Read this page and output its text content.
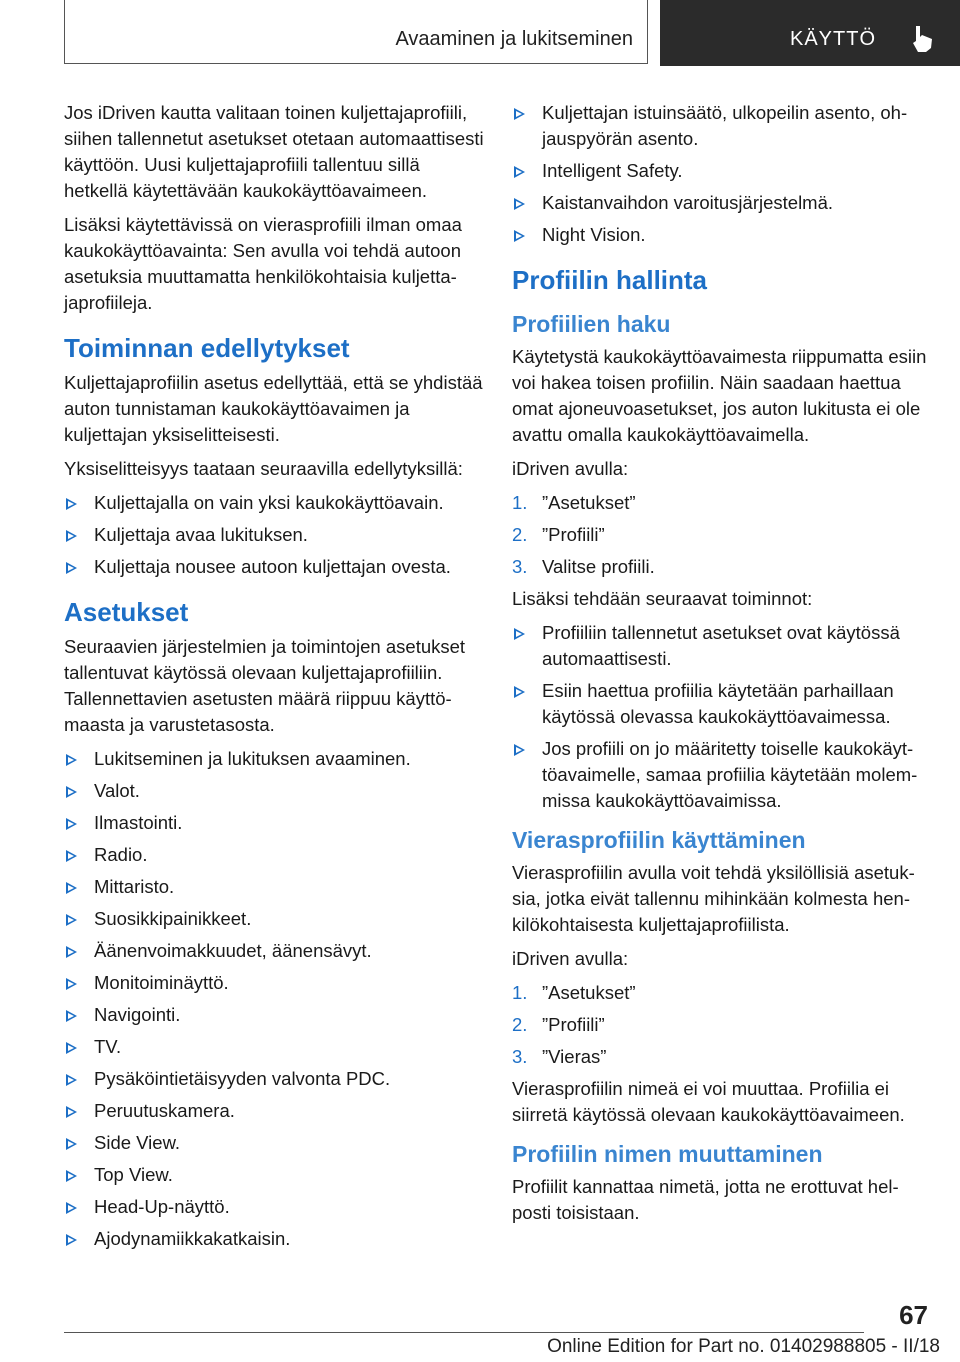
Avaaminen ja lukitseminen	KÄYTTÖ

Jos iDriven kautta valitaan toinen kuljettajaprofiili, siihen tallennetut asetukset otetaan automaattisesti käyttöön. Uusi kuljettajaprofiili tallentuu sillä hetkellä käytettävään kaukokäyttöavaimeen.

Lisäksi käytettävissä on vierasprofiili ilman omaa kaukokäyttöavainta: Sen avulla voi tehdä autoon asetuksia muuttamatta henkilökohtaisia kuljettajaprofiileja.

Toiminnan edellytykset

Kuljettajaprofiilin asetus edellyttää, että se yhdistää auton tunnistaman kaukokäyttöavaimen ja kuljettajan yksiselitteisesti.

Yksiselitteisyys taataan seuraavilla edellytyksillä:

Kuljettajalla on vain yksi kaukokäyttöavain.
Kuljettaja avaa lukituksen.
Kuljettaja nousee autoon kuljettajan ovesta.
Asetukset

Seuraavien järjestelmien ja toimintojen asetukset tallentuvat käytössä olevaan kuljettajaprofiiliin. Tallennettavien asetusten määrä riippuu käyttömaasta ja varustetasosta.

Lukitseminen ja lukituksen avaaminen.
Valot.
Ilmastointi.
Radio.
Mittaristo.
Suosikkipainikkeet.
Äänenvoimakkuudet, äänensävyt.
Monitoiminäyttö.
Navigointi.
TV.
Pysäköintietäisyyden valvonta PDC.
Peruutuskamera.
Side View.
Top View.
Head-Up-näyttö.
Ajodynamiikkakatkaisin.
Kuljettajan istuinsäätö, ulkopeilin asento, ohjauspyörän asento.
Intelligent Safety.
Kaistanvaihdon varoitusjärjestelmä.
Night Vision.
Profiilin hallinta
Profiilien haku

Käytetystä kaukokäyttöavaimesta riippumatta esiin voi hakea toisen profiilin. Näin saadaan haettua omat ajoneuvoasetukset, jos auton lukitusta ei ole avattu omalla kaukokäyttöavaimella.

iDriven avulla:

1. ”Asetukset”
2. ”Profiili”
3. Valitse profiili.

Lisäksi tehdään seuraavat toiminnot:

Profiiliin tallennetut asetukset ovat käytössä automaattisesti.
Esiin haettua profiilia käytetään parhaillaan käytössä olevassa kaukokäyttöavaimessa.
Jos profiili on jo määritetty toiselle kaukokäyttöavaimelle, samaa profiilia käytetään molemmissa kaukokäyttöavaimissa.
Vierasprofiilin käyttäminen

Vierasprofiilin avulla voit tehdä yksilöllisiä asetuksia, jotka eivät tallennu mihinkään kolmesta henkilökohtaisesta kuljettajaprofiilista.

iDriven avulla:

1. ”Asetukset”
2. ”Profiili”
3. ”Vieras”

Vierasprofiilin nimeä ei voi muuttaa. Profiilia ei siirretä käytössä olevaan kaukokäyttöavaimeen.

Profiilin nimen muuttaminen

Profiilit kannattaa nimetä, jotta ne erottuvat helposti toisistaan.

67
Online Edition for Part no. 01402988805 - II/18
